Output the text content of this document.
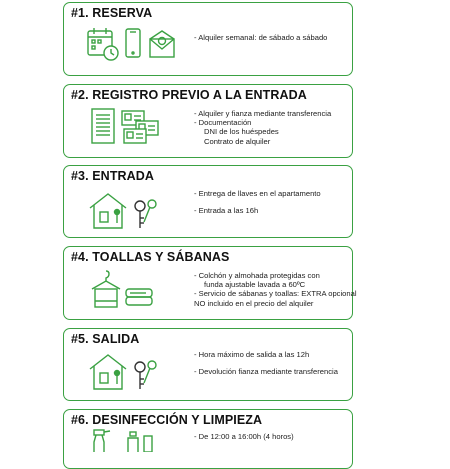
#1. RESERVA
- Alquiler semanal: de sábado a sábado
#2. REGISTRO PREVIO A LA ENTRADA
- Alquiler y fianza mediante transferencia
- Documentación
DNI de los huéspedes
Contrato de alquiler
#3. ENTRADA
- Entrega de llaves en el apartamento
- Entrada a las 16h
#4. TOALLAS Y SÁBANAS
- Colchón y almohada protegidas con
funda ajustable lavada a 60ºC
- Servicio de sábanas y toallas: EXTRA opcional
NO incluido en el precio del alquiler
#5. SALIDA
- Hora máximo de salida a las 12h
- Devolución fianza mediante transferencia
#6. DESINFECCIÓN Y LIMPIEZA
- De 12:00 a 16:00h (4 horos)
